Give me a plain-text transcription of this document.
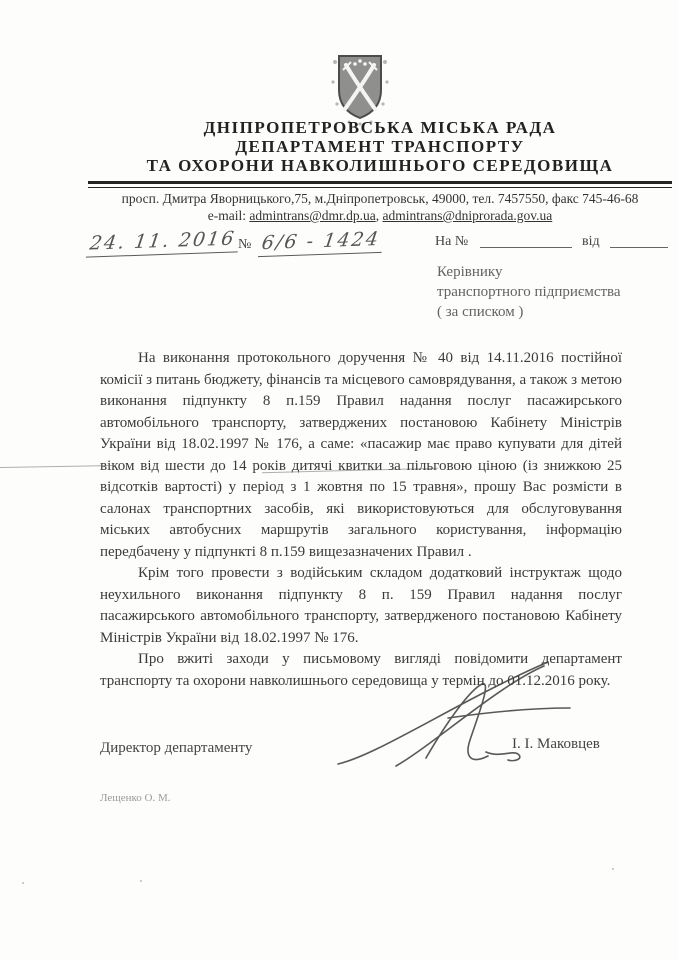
ДНІПРОПЕТРОВСЬКА МІСЬКА РАДА
ДЕПАРТАМЕНТ ТРАНСПОРТУ
ТА ОХОРОНИ НАВКОЛИШНЬОГО СЕРЕДОВИЩА
просп. Дмитра Яворницького,75, м.Дніпропетровськ, 49000, тел. 7457550, факс 745-46-68
e-mail: admintrans@dmr.dp.ua, admintrans@dniprorada.gov.ua
24. 11. 2016 № 6/6 - 1424	На №	від
Керівнику
транспортного підприємства
( за списком )

На виконання протокольного доручення № 40 від 14.11.2016 постійної комісії з питань бюджету, фінансів та місцевого самоврядування, а також з метою виконання підпункту 8 п.159 Правил надання послуг пасажирського автомобільного транспорту, затверджених постановою Кабінету Міністрів України від 18.02.1997 № 176, а саме: «пасажир має право купувати для дітей віком від шести до 14 років дитячі квитки за пільговою ціною (із знижкою 25 відсотків вартості) у період з 1 жовтня по 15 травня», прошу Вас розмісти в салонах транспортних засобів, які використовуються для обслуговування міських автобусних маршрутів загального користування, інформацію передбачену у підпункті 8 п.159 вищезазначених Правил .

Крім того провести з водійським складом додатковий інструктаж щодо неухильного виконання підпункту 8 п. 159 Правил надання послуг пасажирського автомобільного транспорту, затвердженого постановою Кабінету Міністрів України від 18.02.1997 № 176.

Про вжиті заходи у письмовому вигляді повідомити департамент транспорту та охорони навколишнього середовища у термін до 01.12.2016 року.

Директор департаменту	І. І. Маковцев
Лещенко О. М.
